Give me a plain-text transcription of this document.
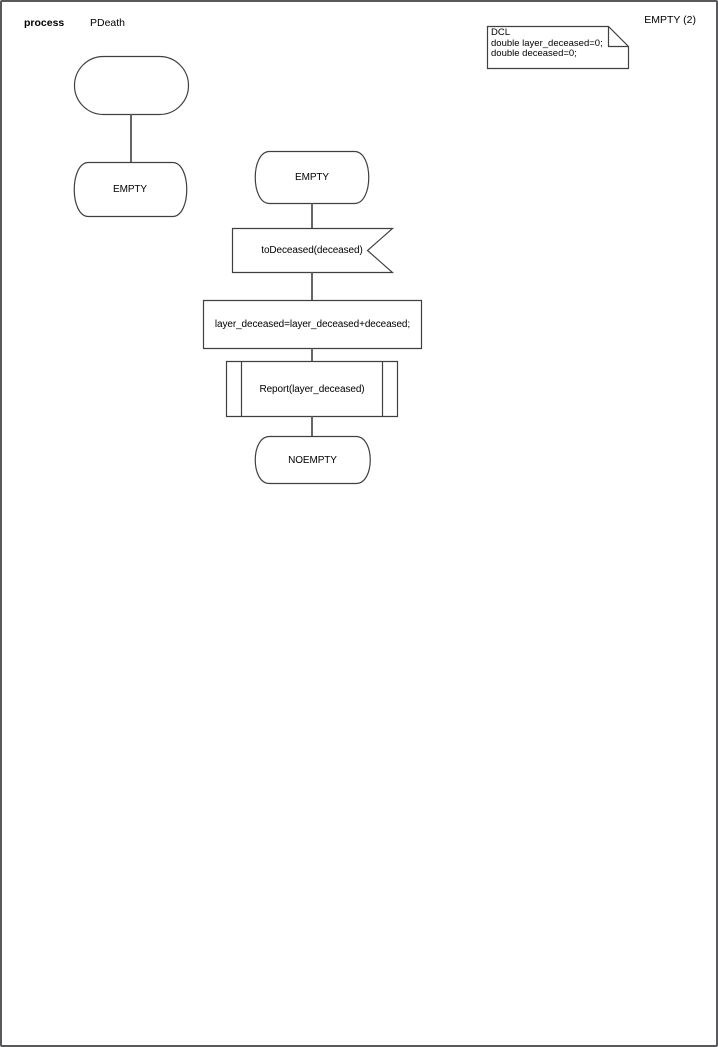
process PDeath	EMPTY (2)
DCL
double layer_deceased=0;
double deceased=0;
EMPTY
EMPTY
toDeceased(deceased)
layer_deceased=layer_deceased+deceased;
Report(layer_deceased)
NOEMPTY
